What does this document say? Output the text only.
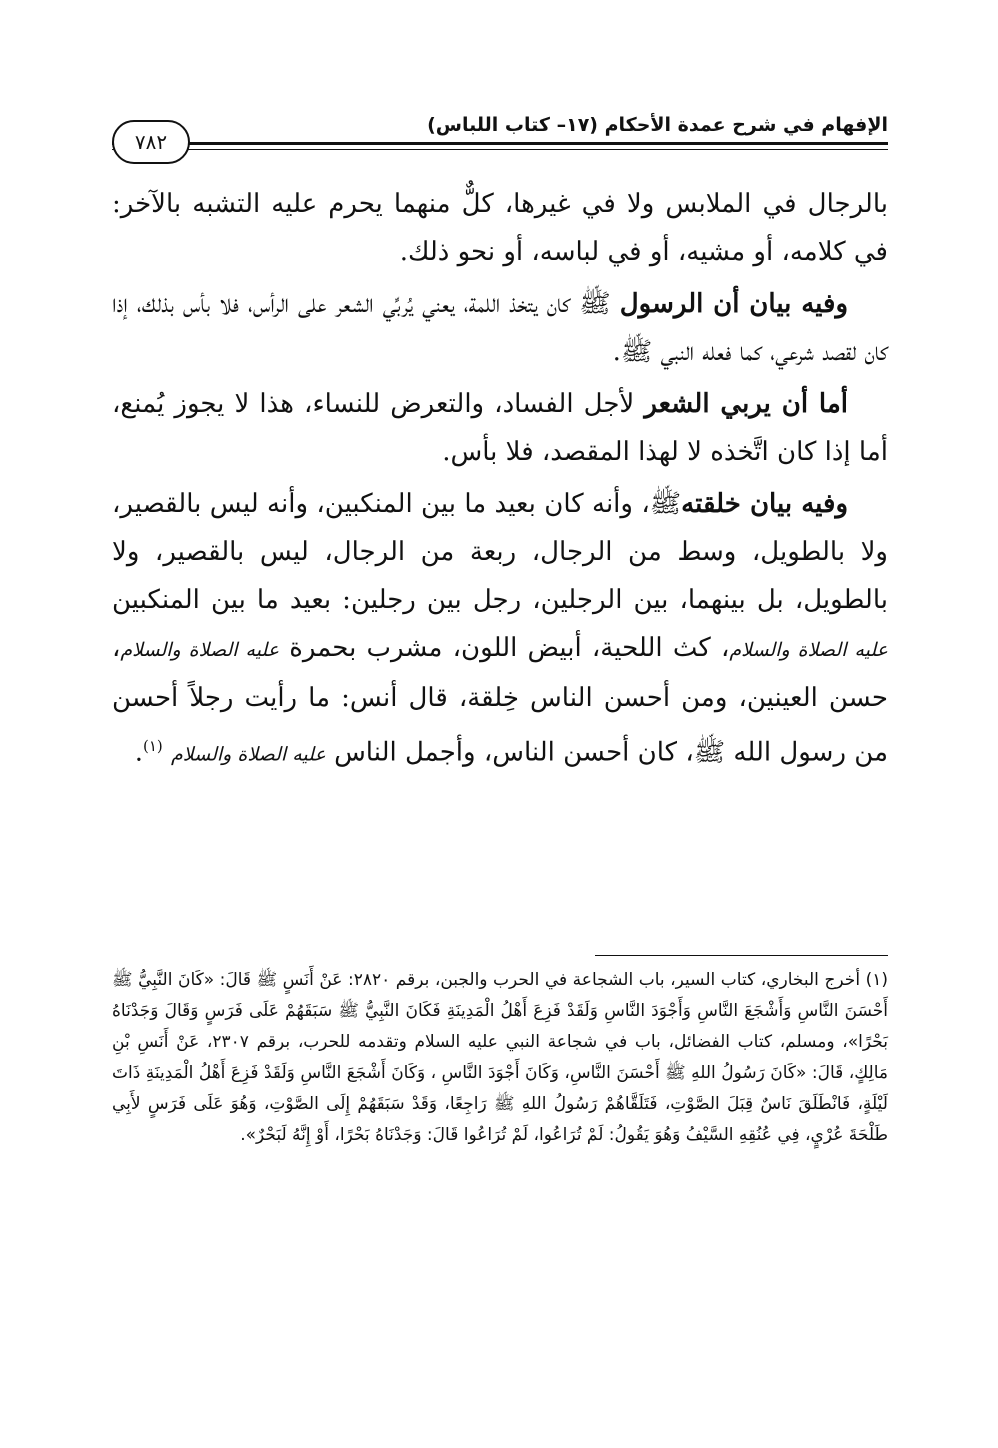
الإفهام في شرح عمدة الأحكام (١٧– كتاب اللباس)
٧٨٢

بالرجال في الملابس ولا في غيرها، كلٌّ منهما يحرم عليه التشبه بالآخر: في كلامه، أو مشيه، أو في لباسه، أو نحو ذلك.

وفيه بيان أن الرسول ﷺ كان يتخذ اللمة، يعني يُربِّي الشعر على الرأس، فلا بأس بذلك، إذا كان لقصد شرعي، كما فعله النبي ﷺ.

أما أن يربي الشعر لأجل الفساد، والتعرض للنساء، هذا لا يجوز يُمنع، أما إذا كان اتَّخذه لا لهذا المقصد، فلا بأس.

وفيه بيان خلقتهﷺ، وأنه كان بعيد ما بين المنكبين، وأنه ليس بالقصير، ولا بالطويل، وسط من الرجال، ربعة من الرجال، ليس بالقصير، ولا بالطويل، بل بينهما، بين الرجلين، رجل بين رجلين: بعيد ما بين المنكبين عليه الصلاة والسلام، كث اللحية، أبيض اللون، مشرب بحمرة عليه الصلاة والسلام، حسن العينين، ومن أحسن الناس خِلقة، قال أنس: ما رأيت رجلاً أحسن من رسول الله ﷺ، كان أحسن الناس، وأجمل الناس عليه الصلاة والسلام $^{(١)}$.

(١) أخرج البخاري، كتاب السير، باب الشجاعة في الحرب والجبن، برقم ٢٨٢٠: عَنْ أَنَسٍ ﷺ قَالَ: «كَانَ النَّبِيُّ ﷺ أَحْسَنَ النَّاسِ وَأَشْجَعَ النَّاسِ وَأَجْوَدَ النَّاسِ وَلَقَدْ فَزِعَ أَهْلُ الْمَدِينَةِ فَكَانَ النَّبِيُّ ﷺ سَبَقَهُمْ عَلَى فَرَسٍ وَقَالَ وَجَدْنَاهُ بَحْرًا»، ومسلم، كتاب الفضائل، باب في شجاعة النبي عليه السلام وتقدمه للحرب، برقم ٢٣٠٧، عَنْ أَنَسِ بْنِ مَالِكٍ، قَالَ: «كَانَ رَسُولُ اللهِ ﷺ أَحْسَنَ النَّاسِ، وَكَانَ أَجْوَدَ النَّاسِ ، وَكَانَ أَشْجَعَ النَّاسِ وَلَقَدْ فَزِعَ أَهْلُ الْمَدِينَةِ ذَاتَ لَيْلَةٍ، فَانْطَلَقَ نَاسٌ قِبَلَ الصَّوْتِ، فَتَلَقَّاهُمْ رَسُولُ اللهِ ﷺ رَاجِعًا، وَقَدْ سَبَقَهُمْ إِلَى الصَّوْتِ، وَهُوَ عَلَى فَرَسٍ لأَبِي طَلْحَةَ عُرْيٍ، فِي عُنُقِهِ السَّيْفُ وَهُوَ يَقُولُ: لَمْ تُرَاعُوا، لَمْ تُرَاعُوا قَالَ: وَجَدْنَاهُ بَحْرًا، أَوْ إِنَّهُ لَبَحْرٌ».
